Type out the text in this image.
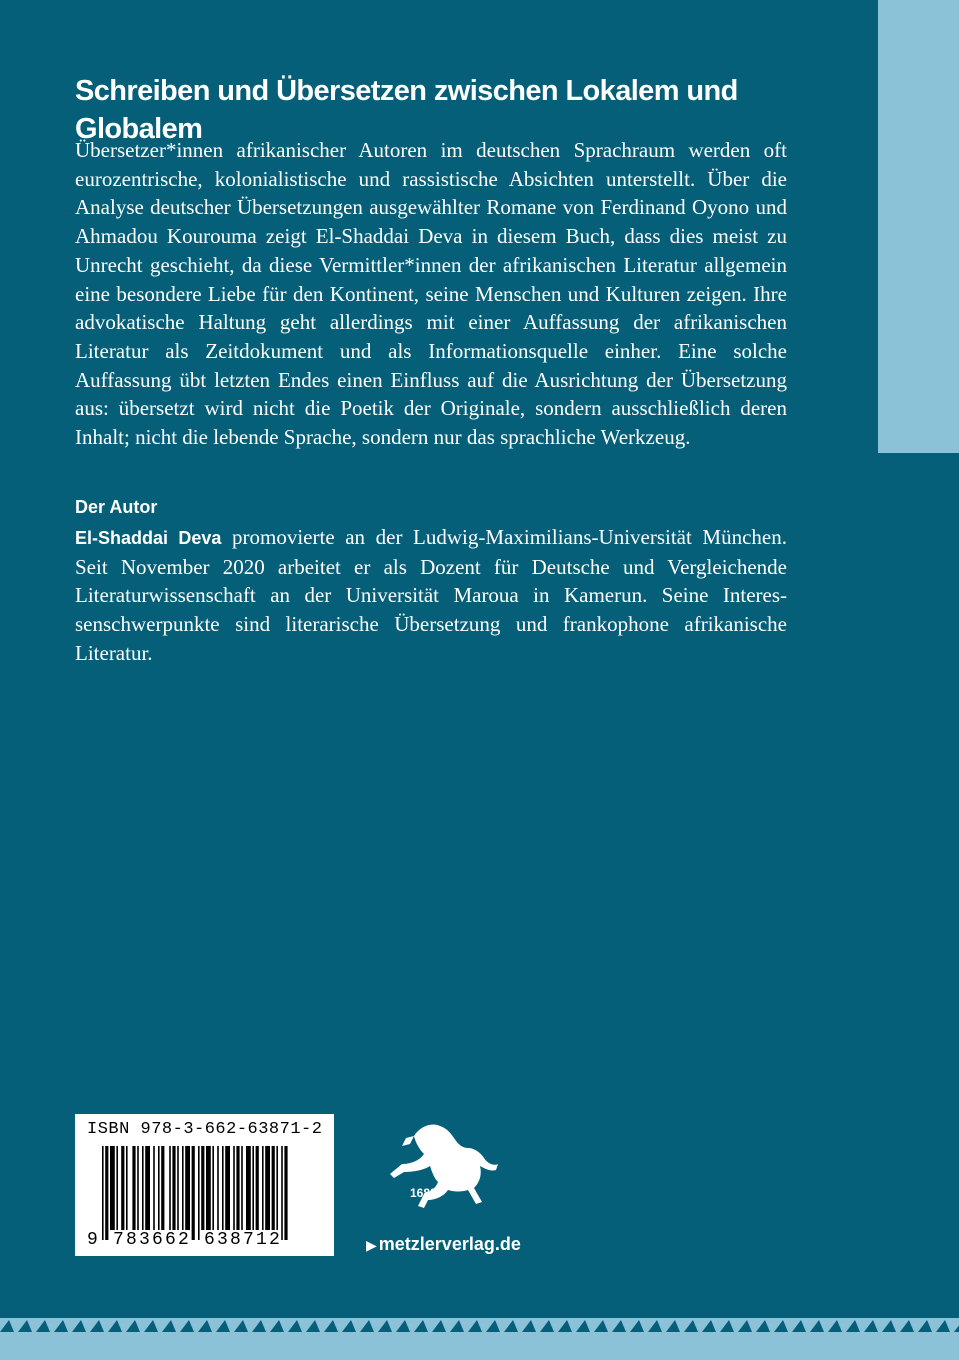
Schreiben und Übersetzen zwischen Lokalem und Globalem

Übersetzer*innen afrikanischer Autoren im deutschen Sprachraum werden oft eurozentrische, kolonialistische und rassistische Absichten unterstellt. Über die Analyse deutscher Übersetzungen ausgewählter Romane von Ferdinand Oyono und Ahmadou Kourouma zeigt El-Shaddai Deva in diesem Buch, dass dies meist zu Unrecht geschieht, da diese Vermittler*innen der afrikanischen Literatur allgemein eine besondere Liebe für den Kontinent, seine Menschen und Kulturen zeigen. Ihre advokatische Haltung geht allerdings mit einer Auffassung der afrikanischen Literatur als Zeitdokument und als Informationsquelle einher. Eine solche Auffassung übt letzten Endes einen Einfluss auf die Ausrichtung der Übersetzung aus: übersetzt wird nicht die Poetik der Originale, sondern ausschließlich deren Inhalt; nicht die lebende Sprache, sondern nur das sprachliche Werkzeug.

Der Autor

El-Shaddai Deva promovierte an der Ludwig-Maximilians-Universität München. Seit November 2020 arbeitet er als Dozent für Deutsche und Vergleichende Literaturwissenschaft an der Universität Maroua in Kamerun. Seine Interessenschwerpunkte sind literarische Übersetzung und frankophone afrikanische Literatur.

ISBN 978-3-662-63871-2
9 783662 638712
1682
▶ metzlerverlag.de
